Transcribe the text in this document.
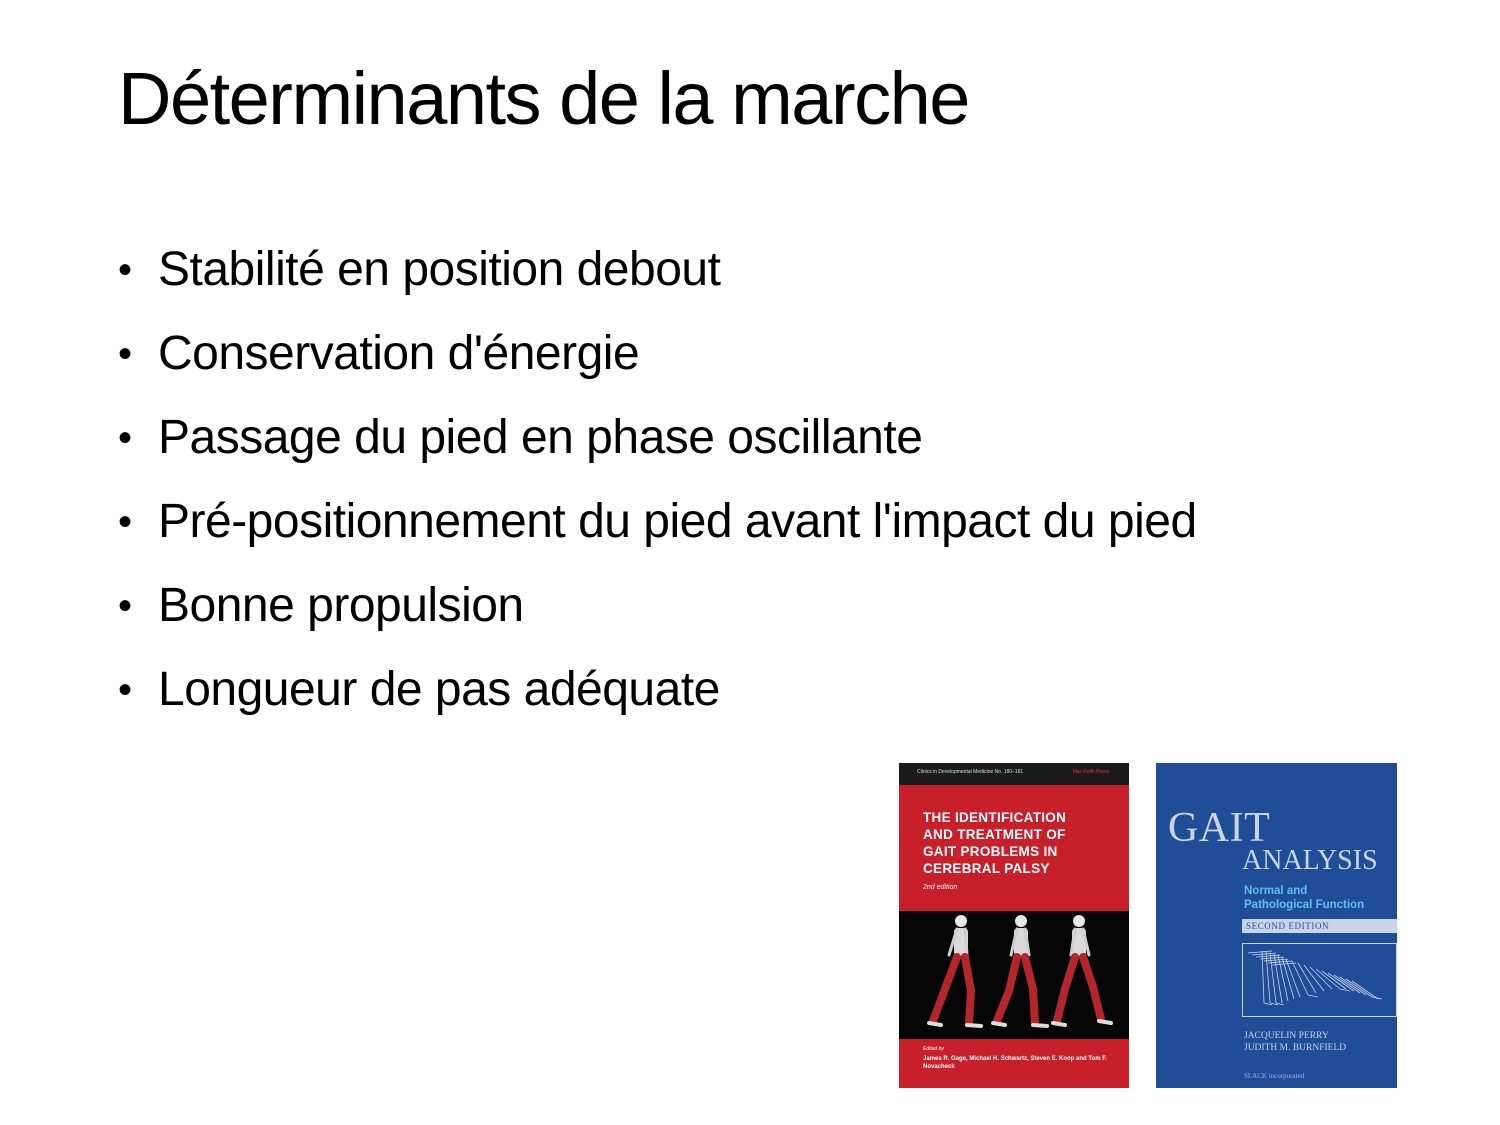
Déterminants de la marche
• Stabilité en position debout
• Conservation d'énergie
• Passage du pied en phase oscillante
• Pré-positionnement du pied avant l'impact du pied
• Bonne propulsion
• Longueur de pas adéquate
Clinics in Developmental Medicine No. 180–181	Mac Keith Press
THE IDENTIFICATION
AND TREATMENT OF
GAIT PROBLEMS IN
CEREBRAL PALSY
2nd edition
Edited by
James R. Gage, Michael H. Schwartz, Steven E. Koop and Tom F. Novacheck
GAIT
ANALYSIS
Normal and
Pathological Function
SECOND EDITION
JACQUELIN PERRY
JUDITH M. BURNFIELD
SLACK incorporated
